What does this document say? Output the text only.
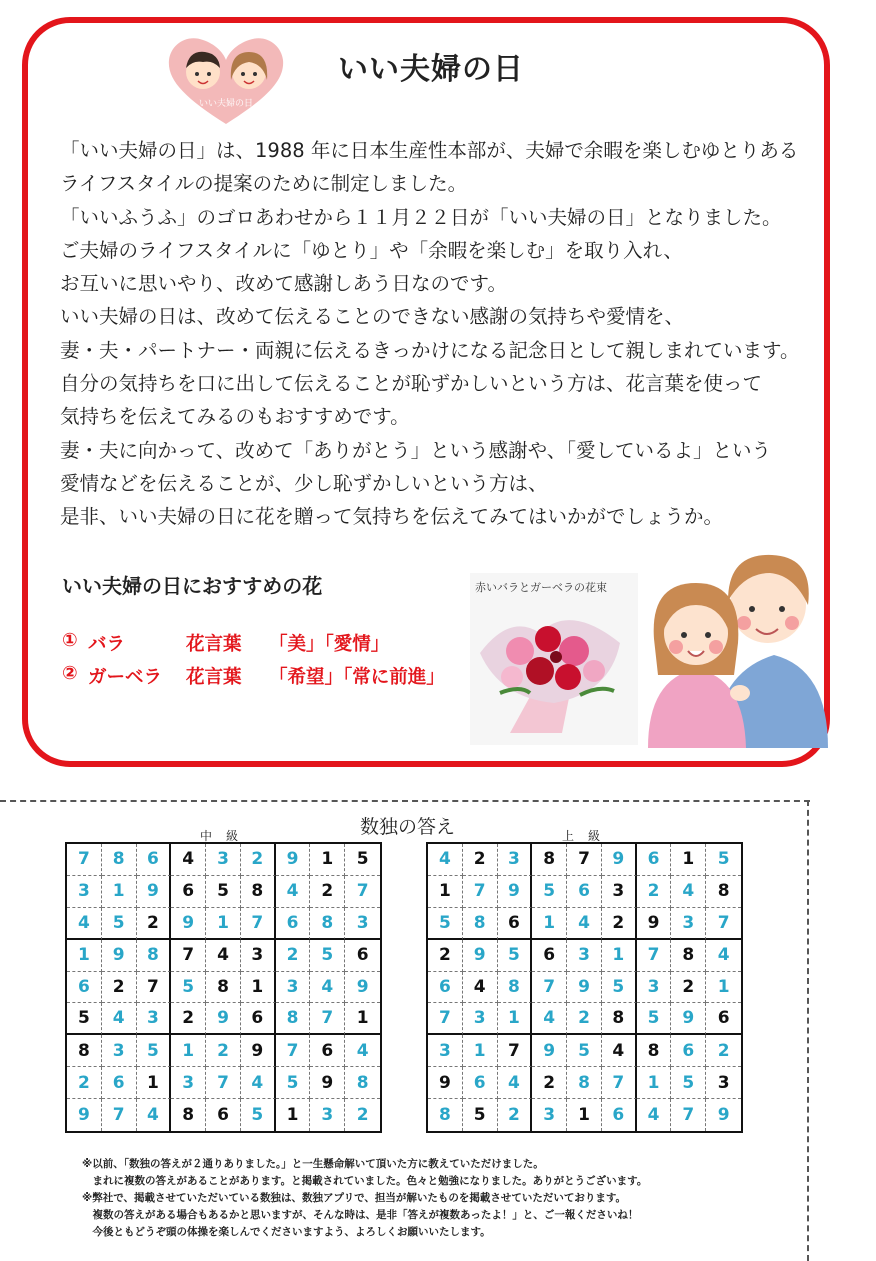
いい夫婦の日
いい夫婦の日
「いい夫婦の日」は、1988 年に日本生産性本部が、夫婦で余暇を楽しむゆとりある
ライフスタイルの提案のために制定しました。
「いいふうふ」のゴロあわせから１１月２２日が「いい夫婦の日」となりました。
ご夫婦のライフスタイルに「ゆとり」や「余暇を楽しむ」を取り入れ、
お互いに思いやり、改めて感謝しあう日なのです。
いい夫婦の日は、改めて伝えることのできない感謝の気持ちや愛情を、
妻・夫・パートナー・両親に伝えるきっかけになる記念日として親しまれています。
自分の気持ちを口に出して伝えることが恥ずかしいという方は、花言葉を使って
気持ちを伝えてみるのもおすすめです。
妻・夫に向かって、改めて「ありがとう」という感謝や、「愛しているよ」という
愛情などを伝えることが、少し恥ずかしいという方は、
是非、いい夫婦の日に花を贈って気持ちを伝えてみてはいかがでしょうか。
いい夫婦の日におすすめの花
① バラ	花言葉 「美」「愛情」
② ガーベラ 花言葉 「希望」「常に前進」
赤いバラとガーベラの花束
数独の答え
中級	上級
7	8	6	4	3	2	9	1	5
3	1	9	6	5	8	4	2	7
4	5	2	9	1	7	6	8	3
1	9	8	7	4	3	2	5	6
6	2	7	5	8	1	3	4	9
5	4	3	2	9	6	8	7	1
8	3	5	1	2	9	7	6	4
2	6	1	3	7	4	5	9	8
9	7	4	8	6	5	1	3	2
4	2	3	8	7	9	6	1	5
1	7	9	5	6	3	2	4	8
5	8	6	1	4	2	9	3	7
2	9	5	6	3	1	7	8	4
6	4	8	7	9	5	3	2	1
7	3	1	4	2	8	5	9	6
3	1	7	9	5	4	8	6	2
9	6	4	2	8	7	1	5	3
8	5	2	3	1	6	4	7	9
※以前、「数独の答えが２通りありました。」と一生懸命解いて頂いた方に教えていただけました。
　まれに複数の答えがあることがあります。と掲載されていました。色々と勉強になりました。ありがとうございます。
※弊社で、掲載させていただいている数独は、数独アプリで、担当が解いたものを掲載させていただいております。
　複数の答えがある場合もあるかと思いますが、そんな時は、是非「答えが複数あったよ！」と、ご一報くださいね！
　今後ともどうぞ頭の体操を楽しんでくださいますよう、よろしくお願いいたします。
